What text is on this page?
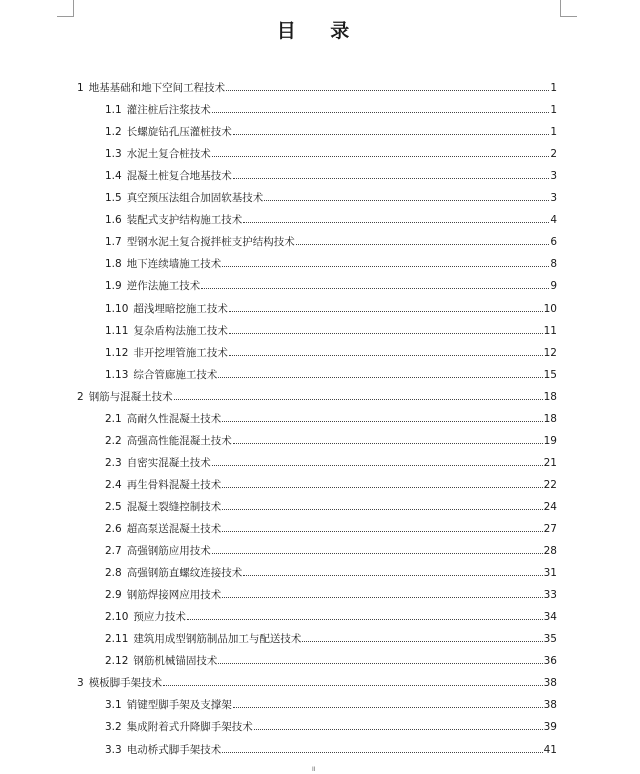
目 录
1 地基基础和地下空间工程技术	1
1.1 灌注桩后注浆技术	1
1.2 长螺旋钻孔压灌桩技术	1
1.3 水泥土复合桩技术	2
1.4 混凝土桩复合地基技术	3
1.5 真空预压法组合加固软基技术	3
1.6 装配式支护结构施工技术	4
1.7 型钢水泥土复合搅拌桩支护结构技术	6
1.8 地下连续墙施工技术	8
1.9 逆作法施工技术	9
1.10 超浅埋暗挖施工技术	10
1.11 复杂盾构法施工技术	11
1.12 非开挖埋管施工技术	12
1.13 综合管廊施工技术	15
2 钢筋与混凝土技术	18
2.1 高耐久性混凝土技术	18
2.2 高强高性能混凝土技术	19
2.3 自密实混凝土技术	21
2.4 再生骨料混凝土技术	22
2.5 混凝土裂缝控制技术	24
2.6 超高泵送混凝土技术	27
2.7 高强钢筋应用技术	28
2.8 高强钢筋直螺纹连接技术	31
2.9 钢筋焊接网应用技术	33
2.10 预应力技术	34
2.11 建筑用成型钢筋制品加工与配送技术	35
2.12 钢筋机械锚固技术	36
3 模板脚手架技术	38
3.1 销键型脚手架及支撑架	38
3.2 集成附着式升降脚手架技术	39
3.3 电动桥式脚手架技术	41
II
